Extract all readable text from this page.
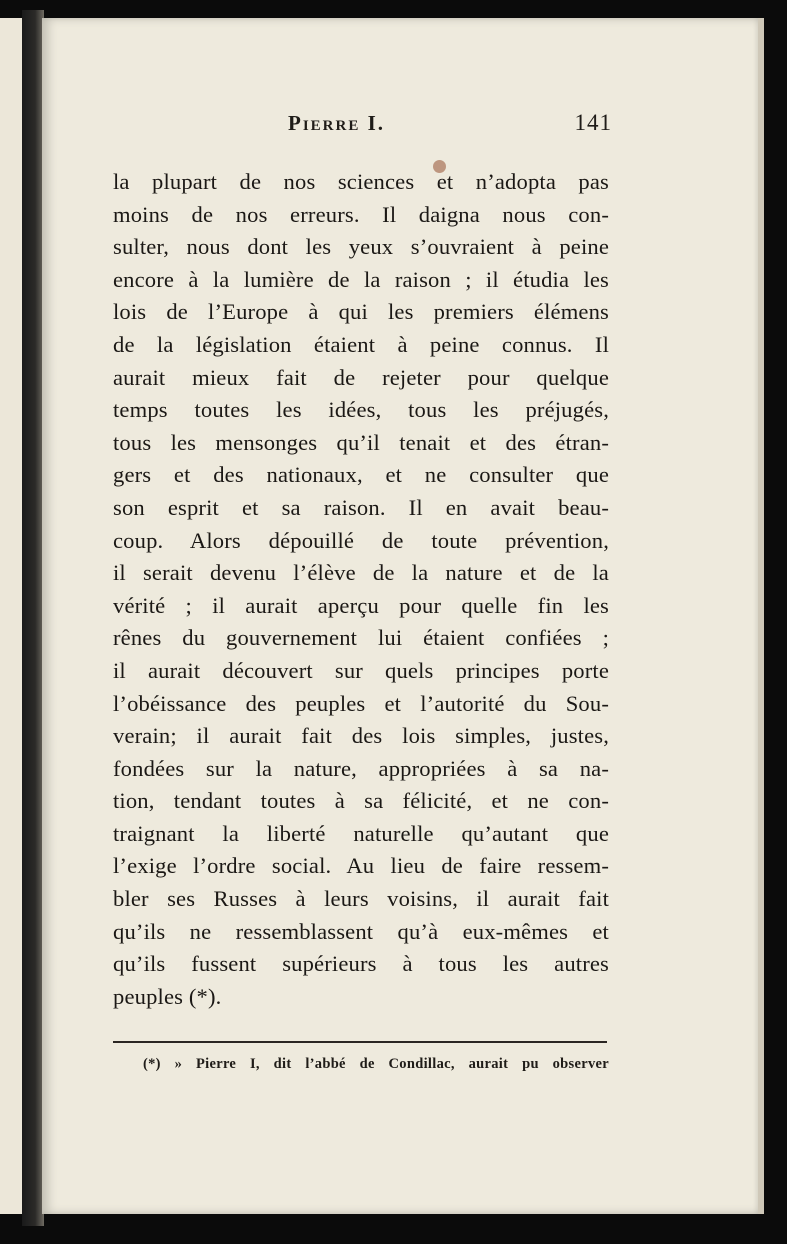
Pierre I.	141
la plupart de nos sciences et n’adopta pas
moins de nos erreurs. Il daigna nous con-
sulter, nous dont les yeux s’ouvraient à peine
encore à la lumière de la raison ; il étudia les
lois de l’Europe à qui les premiers élémens
de la législation étaient à peine connus. Il
aurait mieux fait de rejeter pour quelque
temps toutes les idées, tous les préjugés,
tous les mensonges qu’il tenait et des étran-
gers et des nationaux, et ne consulter que
son esprit et sa raison. Il en avait beau-
coup. Alors dépouillé de toute prévention,
il serait devenu l’élève de la nature et de la
vérité ; il aurait aperçu pour quelle fin les
rênes du gouvernement lui étaient confiées ;
il aurait découvert sur quels principes porte
l’obéissance des peuples et l’autorité du Sou-
verain; il aurait fait des lois simples, justes,
fondées sur la nature, appropriées à sa na-
tion, tendant toutes à sa félicité, et ne con-
traignant la liberté naturelle qu’autant que
l’exige l’ordre social. Au lieu de faire ressem-
bler ses Russes à leurs voisins, il aurait fait
qu’ils ne ressemblassent qu’à eux-mêmes et
qu’ils fussent supérieurs à tous les autres
peuples (*).
(*) » Pierre I, dit l’abbé de Condillac, aurait pu observer
